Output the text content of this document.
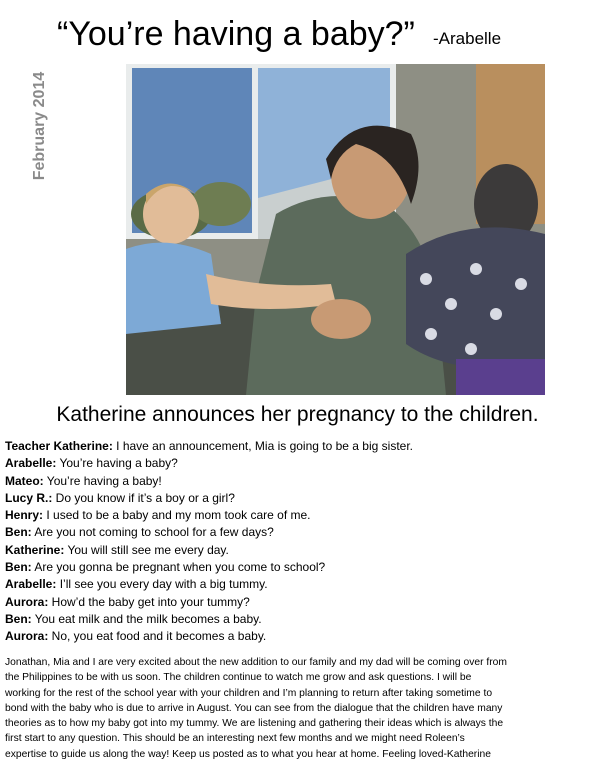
“You’re having a baby?” -Arabelle
February 2014
Katherine announces her pregnancy to the children.
Teacher Katherine: I have an announcement, Mia is going to be a big sister.
Arabelle: You’re having a baby?
Mateo: You’re having a baby!
Lucy R.: Do you know if it’s a boy or a girl?
Henry: I used to be a baby and my mom took care of me.
Ben: Are you not coming to school for a few days?
Katherine: You will still see me every day.
Ben: Are you gonna be pregnant when you come to school?
Arabelle: I’ll see you every day with a big tummy.
Aurora: How’d the baby get into your tummy?
Ben: You eat milk and the milk becomes a baby.
Aurora: No, you eat food and it becomes a baby.
Jonathan, Mia and I are very excited about the new addition to our family and my dad will be coming over from
the Philippines to be with us soon. The children continue to watch me grow and ask questions. I will be
working for the rest of the school year with your children and I’m planning to return after taking sometime to
bond with the baby who is due to arrive in August. You can see from the dialogue that the children have many
theories as to how my baby got into my tummy. We are listening and gathering their ideas which is always the
first start to any question. This should be an interesting next few months and we might need Roleen’s
expertise to guide us along the way! Keep us posted as to what you hear at home. Feeling loved-Katherine
